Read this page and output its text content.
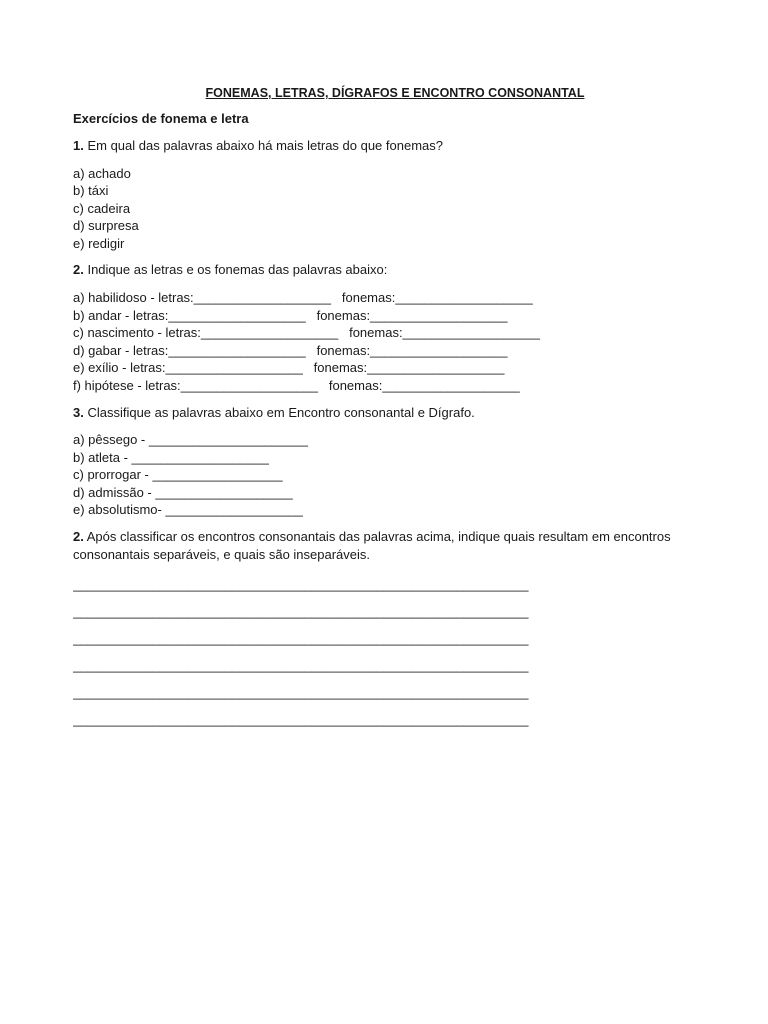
FONEMAS, LETRAS, DÍGRAFOS E ENCONTRO CONSONANTAL
Exercícios de fonema e letra
1. Em qual das palavras abaixo há mais letras do que fonemas?
a) achado
b) táxi
c) cadeira
d) surpresa
e) redigir
2. Indique as letras e os fonemas das palavras abaixo:
a) habilidoso - letras:___________________   fonemas:___________________
b) andar - letras:___________________   fonemas:___________________
c) nascimento - letras:___________________   fonemas:___________________
d) gabar - letras:___________________   fonemas:___________________
e) exílio - letras:___________________   fonemas:___________________
f) hipótese - letras:___________________   fonemas:___________________
3. Classifique as palavras abaixo em Encontro consonantal e Dígrafo.
a) pêssego - ______________________
b) atleta - ___________________
c) prorrogar - __________________
d) admissão - ___________________
e) absolutismo- ___________________
2. Após classificar os encontros consonantais das palavras acima, indique quais resultam em encontros consonantais separáveis, e quais são inseparáveis.
_______________________________________________________________
_______________________________________________________________
_______________________________________________________________
_______________________________________________________________
_______________________________________________________________
_______________________________________________________________
